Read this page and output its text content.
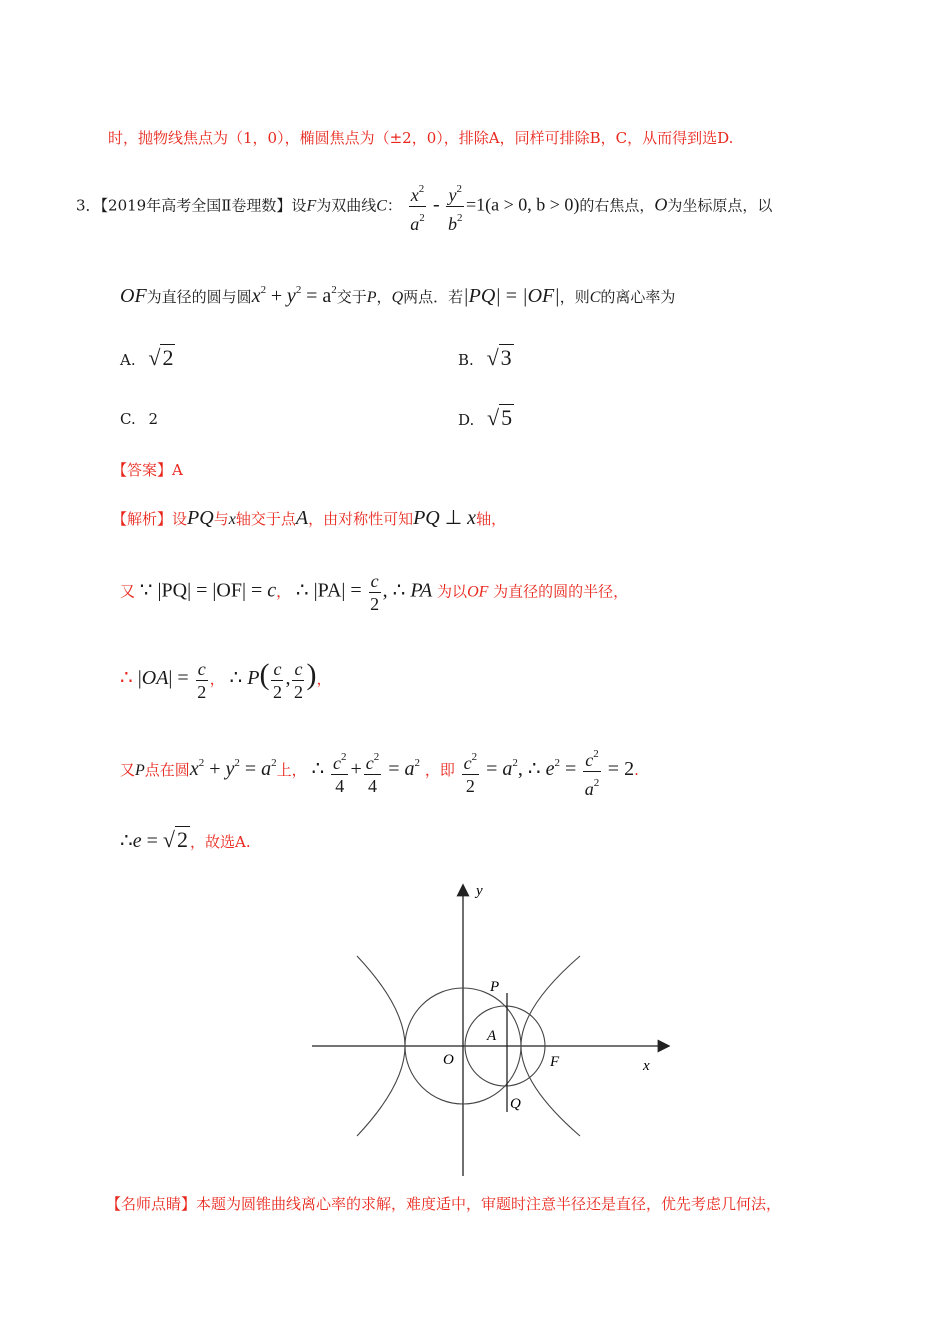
时，抛物线焦点为（1，0），椭圆焦点为（±2，0），排除A，同样可排除B，C，从而得到选D.
3．【2019年高考全国Ⅱ卷理数】设F为双曲线C： $\frac{x^2}{a^2} - \frac{y^2}{b^2} =1(a > 0$, b > 0)的右焦点，O为坐标原点，以
OF为直径的圆与圆$x^2 + y^2 = a^2$交于P，Q两点．若|PQ| = |OF|，则C的离心率为
A. √2	B. √3
C. 2	D. √5
【答案】A
【解析】设PQ与x轴交于点A，由对称性可知PQ ⊥ x轴，
又 ∵ |PQ| = |OF| = c， ∴ $|PA| = \frac{c}{2}$ , ∴ PA 为以OF 为直径的圆的半径，
∴ $|OA| = \frac{c}{2}$ ， ∴ $P( \frac{c}{2}$ , $\frac{c}{2}$ )，
又P点在圆$x^2 + y^2 = a^2$上， ∴ $\frac{c^2}{4} + \frac{c^2}{4} = a^2$ ，即 $\frac{c^2}{2} = a^2$, ∴ $e^2 = \frac{c^2}{a^2} = 2$.
∴e = √2 ，故选A.
y
x
P
A
O	F
Q
【名师点睛】本题为圆锥曲线离心率的求解，难度适中，审题时注意半径还是直径，优先考虑几何法，
